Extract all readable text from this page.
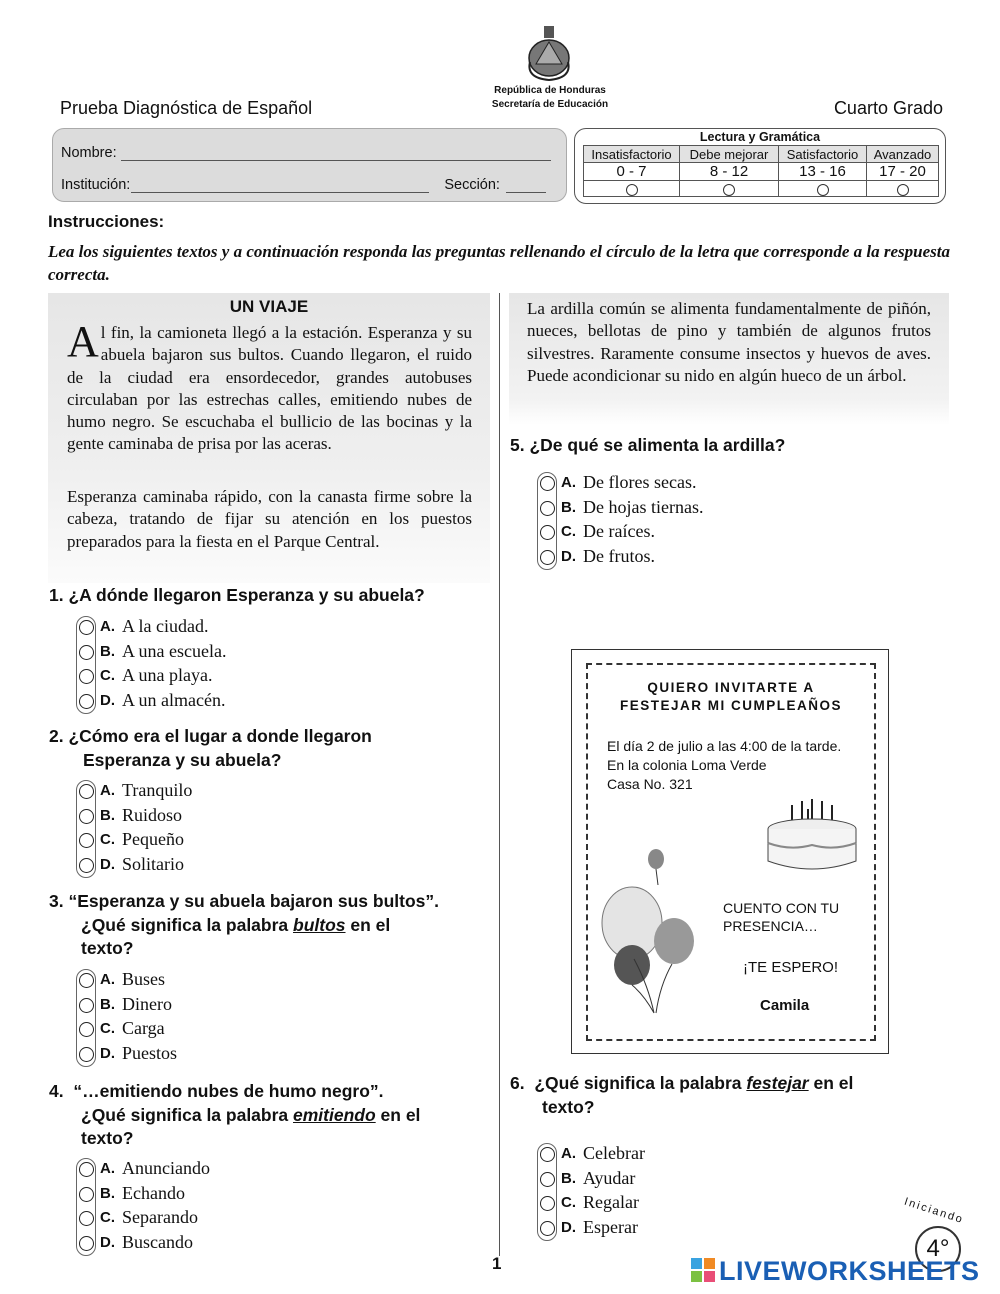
Prueba Diagnóstica de Español
República de Honduras
Secretaría de Educación	Cuarto Grado
Nombre:
Institución:	Sección:
Lectura y Gramática
Insatisfactorio	Debe mejorar	Satisfactorio	Avanzado
0 - 7	8 - 12	13 - 16	17 - 20

Instrucciones:
Lea los siguientes textos y a continuación responda las preguntas rellenando el círculo de la letra que corresponde a la respuesta correcta.
UN VIAJE
Al fin, la camioneta llegó a la estación. Esperanza y su abuela bajaron sus bultos. Cuando llegaron, el ruido de la ciudad era ensordecedor, grandes autobuses circulaban por las estrechas calles, emitiendo nubes de humo negro. Se escuchaba el bullicio de las bocinas y la gente caminaba de prisa por las aceras.
Esperanza caminaba rápido, con la canasta firme sobre la cabeza, tratando de fijar su atención en los puestos preparados para la fiesta en el Parque Central.
1. ¿A dónde llegaron Esperanza y su abuela?
A. A la ciudad.
B. A una escuela.
C. A una playa.
D. A un almacén.
2. ¿Cómo era el lugar a donde llegaron
Esperanza y su abuela?
A. Tranquilo
B. Ruidoso
C. Pequeño
D. Solitario
3. “Esperanza y su abuela bajaron sus bultos”.
¿Qué significa la palabra bultos en el
texto?
A. Buses
B. Dinero
C. Carga
D. Puestos
4. “…emitiendo nubes de humo negro”.
¿Qué significa la palabra emitiendo en el
texto?
A. Anunciando
B. Echando
C. Separando
D. Buscando
La ardilla común se alimenta fundamentalmente de piñón, nueces, bellotas de pino y también de algunos frutos silvestres. Raramente consume insectos y huevos de aves. Puede acondicionar su nido en algún hueco de un árbol.
5. ¿De qué se alimenta la ardilla?
A. De flores secas.
B. De hojas tiernas.
C. De raíces.
D. De frutos.
QUIERO INVITARTE A
FESTEJAR MI CUMPLEAÑOS
El día 2 de julio a las 4:00 de la tarde.
En la colonia Loma Verde
Casa No. 321
CUENTO CON TU
PRESENCIA…
¡TE ESPERO!
Camila
6. ¿Qué significa la palabra festejar en el
texto?
A. Celebrar
B. Ayudar
C. Regalar
D. Esperar
1
Iniciando
4°
LIVEWORKSHEETS
